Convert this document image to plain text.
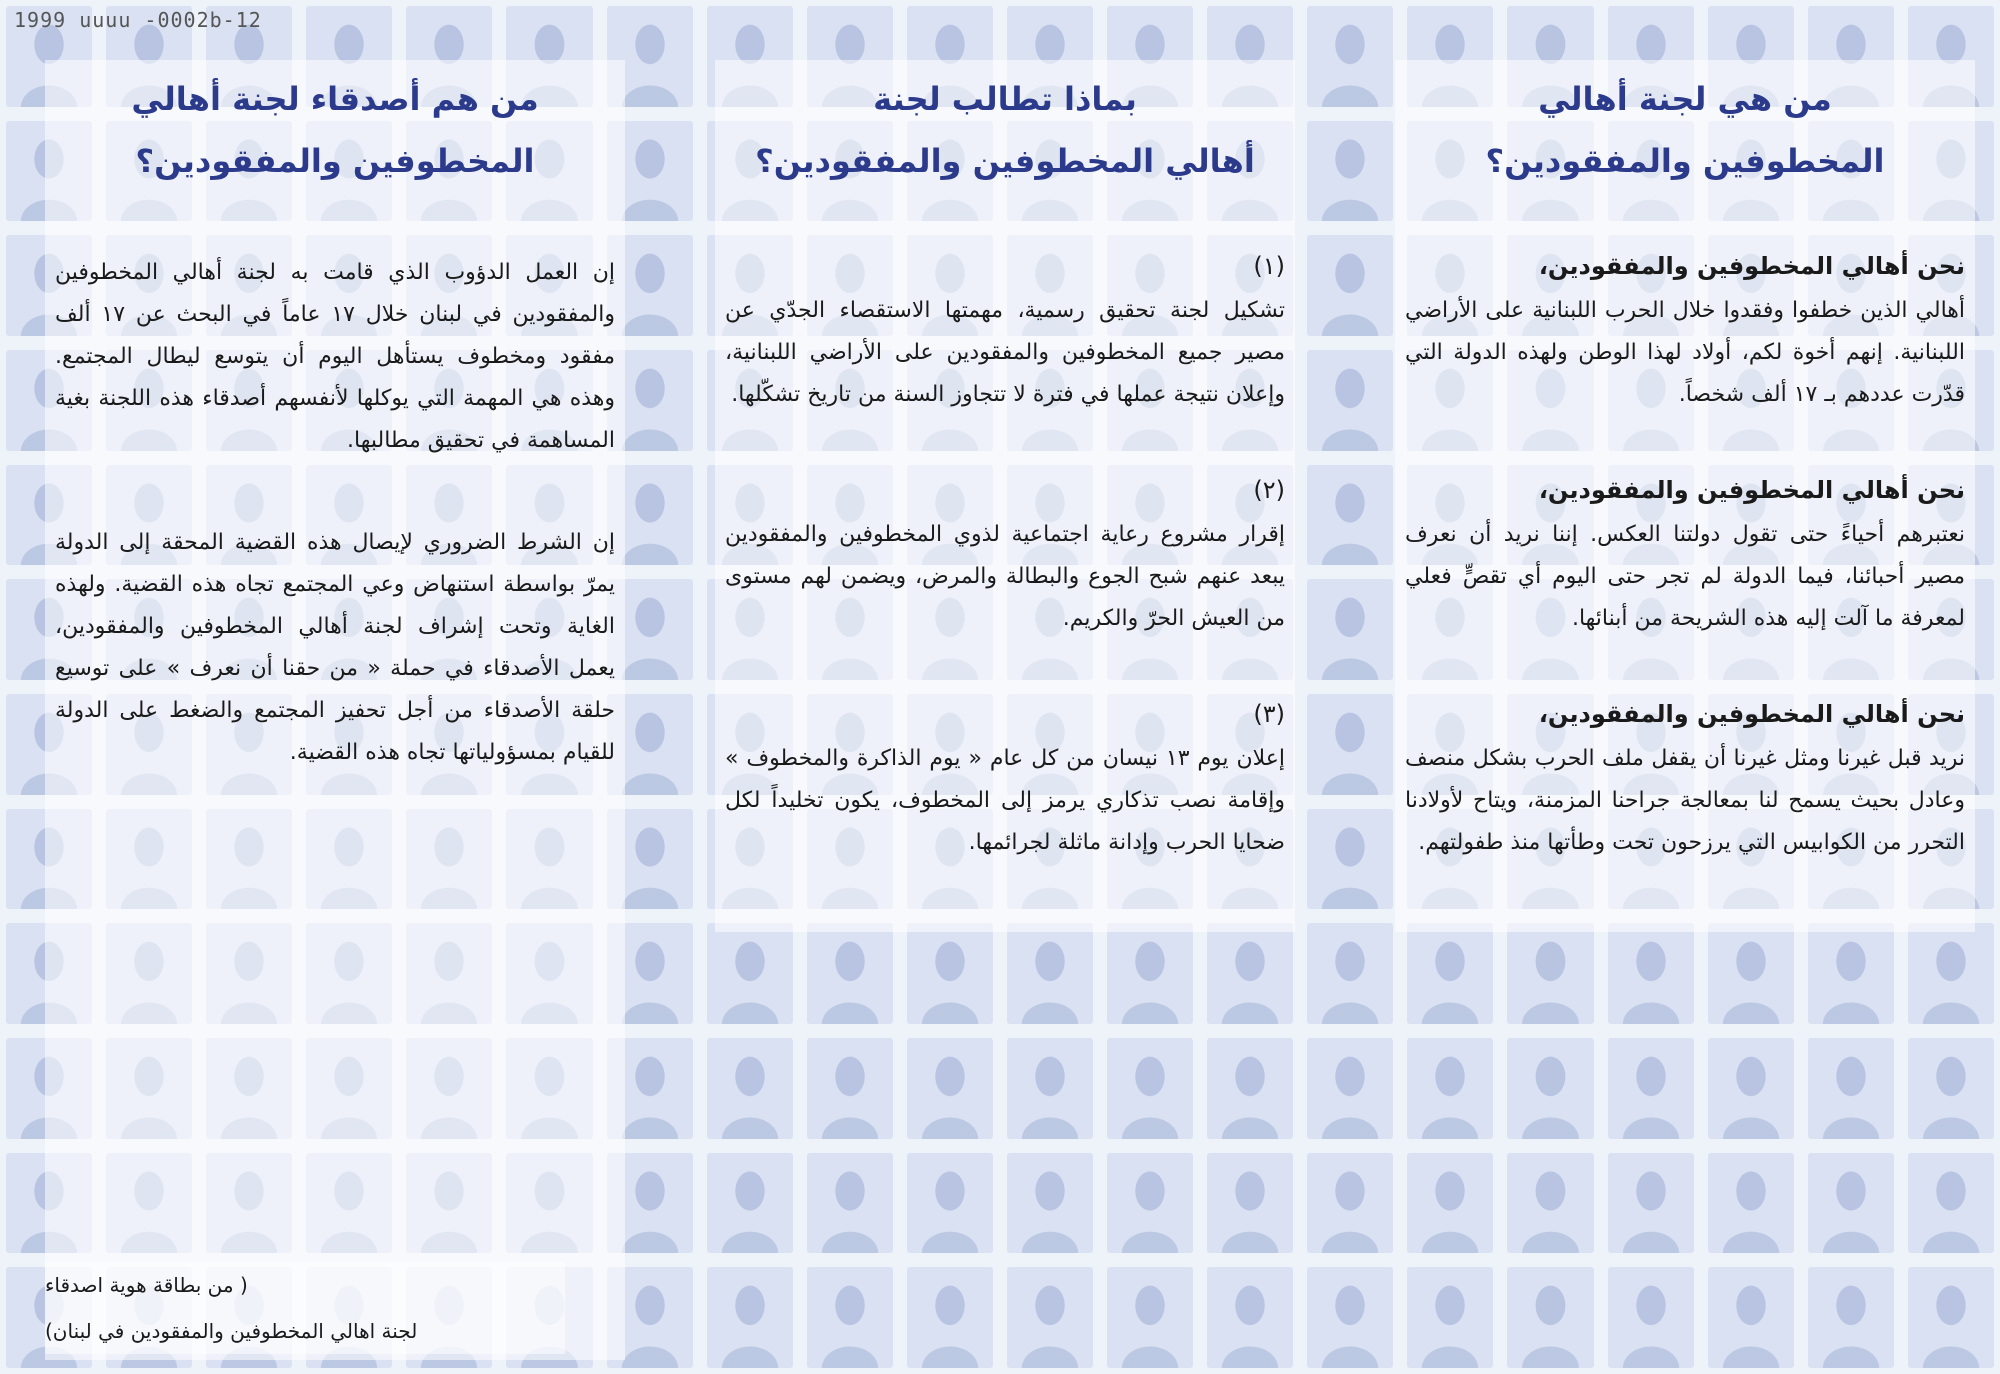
1999 uuuu -0002b-12
من هي لجنة أهالي
المخطوفين والمفقودين؟
نحن أهالي المخطوفين والمفقودين،

أهالي الذين خطفوا وفقدوا خلال الحرب اللبنانية على الأراضي اللبنانية. إنهم أخوة لكم، أولاد لهذا الوطن ولهذه الدولة التي قدّرت عددهم بـ ١٧ ألف شخصاً.

نحن أهالي المخطوفين والمفقودين،

نعتبرهم أحياءً حتى تقول دولتنا العكس. إننا نريد أن نعرف مصير أحبائنا، فيما الدولة لم تجر حتى اليوم أي تقصٍّ فعلي لمعرفة ما آلت إليه هذه الشريحة من أبنائها.

نحن أهالي المخطوفين والمفقودين،

نريد قبل غيرنا ومثل غيرنا أن يقفل ملف الحرب بشكل منصف وعادل بحيث يسمح لنا بمعالجة جراحنا المزمنة، ويتاح لأولادنا التحرر من الكوابيس التي يرزحون تحت وطأتها منذ طفولتهم.

بماذا تطالب لجنة
أهالي المخطوفين والمفقودين؟
(١)

تشكيل لجنة تحقيق رسمية، مهمتها الاستقصاء الجدّي عن مصير جميع المخطوفين والمفقودين على الأراضي اللبنانية، وإعلان نتيجة عملها في فترة لا تتجاوز السنة من تاريخ تشكّلها.

(٢)

إقرار مشروع رعاية اجتماعية لذوي المخطوفين والمفقودين يبعد عنهم شبح الجوع والبطالة والمرض، ويضمن لهم مستوى من العيش الحرّ والكريم.

(٣)

إعلان يوم ١٣ نيسان من كل عام « يوم الذاكرة والمخطوف » وإقامة نصب تذكاري يرمز إلى المخطوف، يكون تخليداً لكل ضحايا الحرب وإدانة ماثلة لجرائمها.

من هم أصدقاء لجنة أهالي
المخطوفين والمفقودين؟

إن العمل الدؤوب الذي قامت به لجنة أهالي المخطوفين والمفقودين في لبنان خلال ١٧ عاماً في البحث عن ١٧ ألف مفقود ومخطوف يستأهل اليوم أن يتوسع ليطال المجتمع. وهذه هي المهمة التي يوكلها لأنفسهم أصدقاء هذه اللجنة بغية المساهمة في تحقيق مطالبها.

إن الشرط الضروري لإيصال هذه القضية المحقة إلى الدولة يمرّ بواسطة استنهاض وعي المجتمع تجاه هذه القضية. ولهذه الغاية وتحت إشراف لجنة أهالي المخطوفين والمفقودين، يعمل الأصدقاء في حملة « من حقنا أن نعرف » على توسيع حلقة الأصدقاء من أجل تحفيز المجتمع والضغط على الدولة للقيام بمسؤولياتها تجاه هذه القضية.

( من بطاقة هوية اصدقاء
لجنة اهالي المخطوفين والمفقودين في لبنان)
